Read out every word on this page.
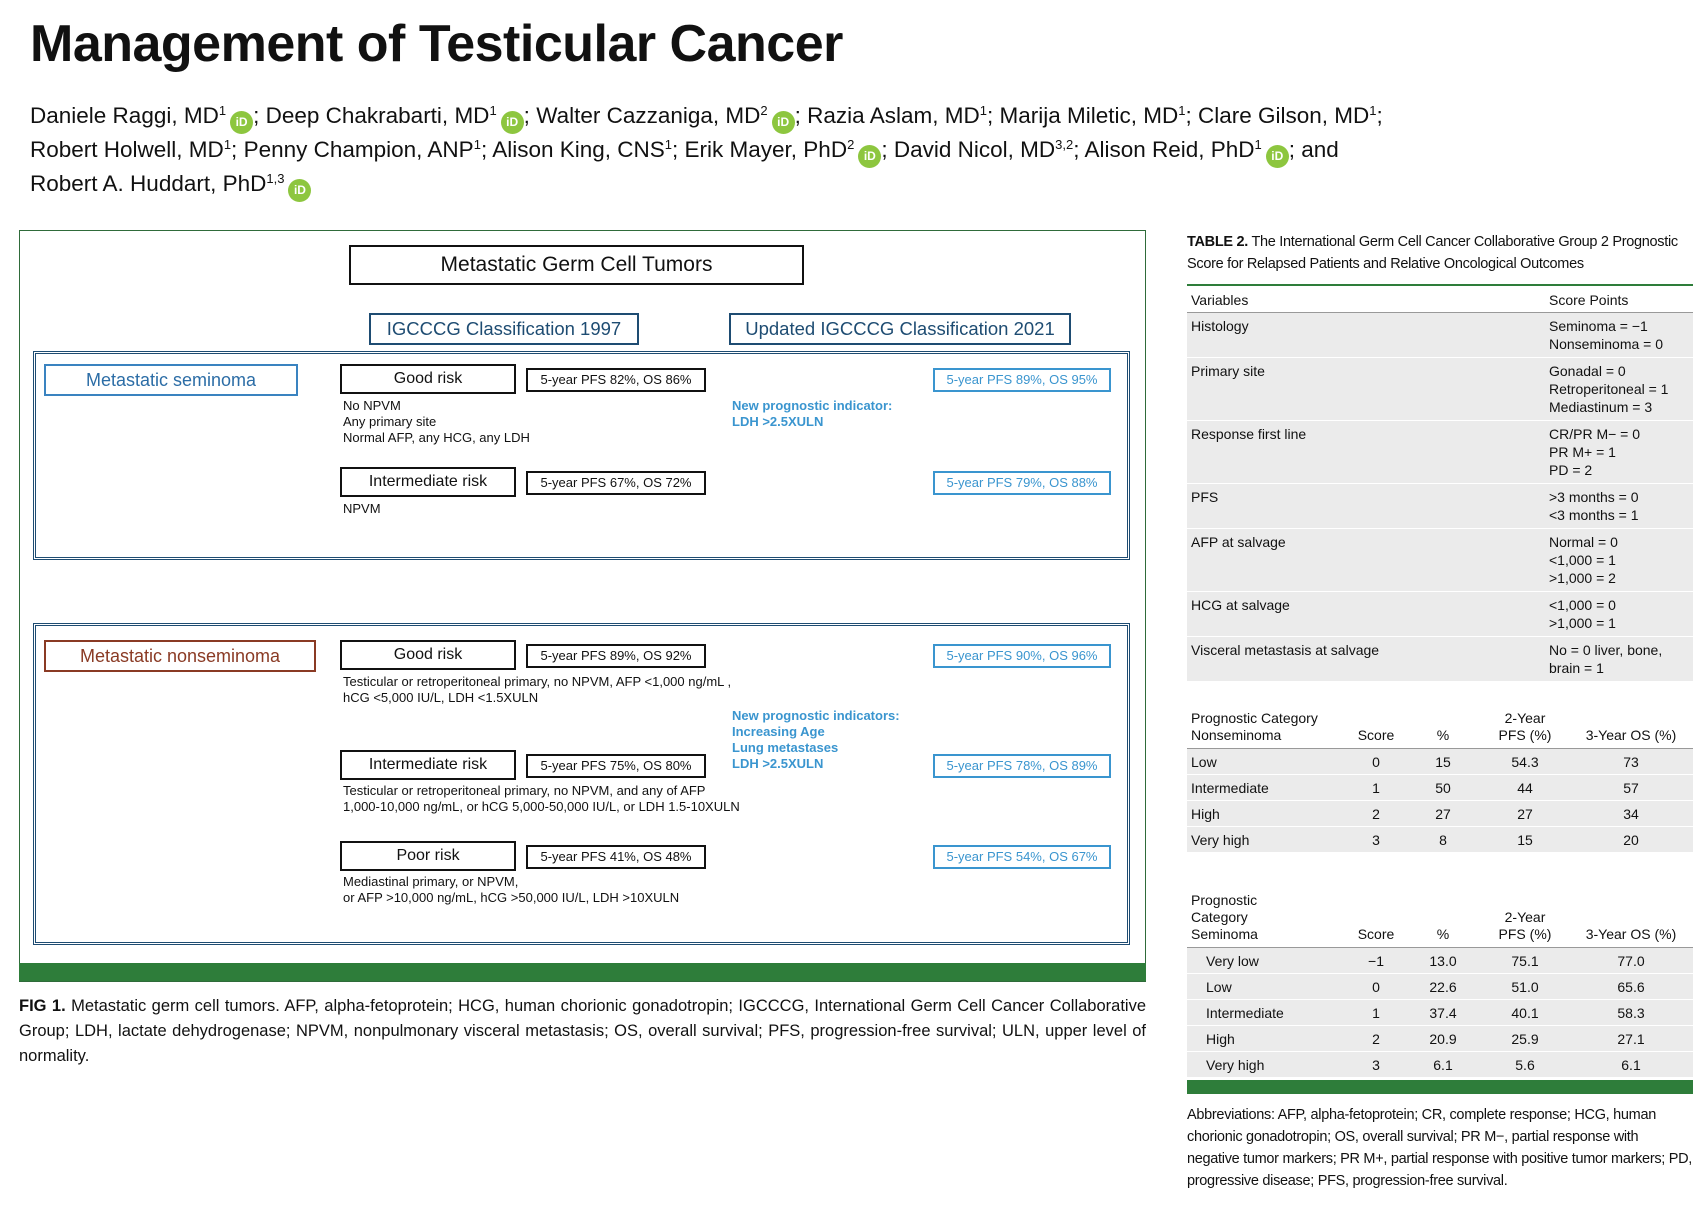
Management of Testicular Cancer
Daniele Raggi, $MD^1iD$ ; Deep Chakrabarti, $MD^1iD$ ; Walter Cazzaniga, $MD^2iD$ ; Razia Aslam, $MD^1$; Marija Miletic, $MD^1$; Clare Gilson, $MD^1$;
Robert Holwell, $MD^1$; Penny Champion, ANP$^1$; Alison King, CNS$^1$; Erik Mayer, PhD$^2$iD ; David Nicol, MD$^{3,2}$; Alison Reid, PhD$^1$iD ; and
Robert A. Huddart, PhD$^{1,3}$iD
Metastatic Germ Cell Tumors
IGCCCG Classification 1997	Updated IGCCCG Classification 2021
Metastatic seminoma	Good risk	5-year PFS 82%, OS 86%	5-year PFS 89%, OS 95%
No NPVM
Any primary site
Normal AFP, any HCG, any LDH
New prognostic indicator:
LDH >2.5XULN
Intermediate risk	5-year PFS 67%, OS 72%	5-year PFS 79%, OS 88%
NPVM
Metastatic nonseminoma	Good risk	5-year PFS 89%, OS 92%	5-year PFS 90%, OS 96%
Testicular or retroperitoneal primary, no NPVM, AFP <1,000 ng/mL ,
hCG <5,000 IU/L, LDH <1.5XULN
New prognostic indicators:
Increasing Age
Lung metastases
LDH >2.5XULN
Intermediate risk	5-year PFS 75%, OS 80%	5-year PFS 78%, OS 89%
Testicular or retroperitoneal primary, no NPVM, and any of AFP
1,000-10,000 ng/mL, or hCG 5,000-50,000 IU/L, or LDH 1.5-10XULN
Poor risk	5-year PFS 41%, OS 48%	5-year PFS 54%, OS 67%
Mediastinal primary, or NPVM,
or AFP >10,000 ng/mL, hCG >50,000 IU/L, LDH >10XULN

FIG 1. Metastatic germ cell tumors. AFP, alpha-fetoprotein; HCG, human chorionic gonadotropin; IGCCCG, International Germ Cell Cancer Collaborative Group; LDH, lactate dehydrogenase; NPVM, nonpulmonary visceral metastasis; OS, overall survival; PFS, progression-free survival; ULN, upper level of normality.

TABLE 2. The International Germ Cell Cancer Collaborative Group 2 Prognostic Score for Relapsed Patients and Relative Oncological Outcomes

Variables	Score Points
Histology	Seminoma = −1
Nonseminoma = 0
Primary site	Gonadal = 0
Retroperitoneal = 1
Mediastinum = 3
Response first line	CR/PR M− = 0
PR M+ = 1
PD = 2
PFS	>3 months = 0
<3 months = 1
AFP at salvage	Normal = 0
<1,000 = 1
>1,000 = 2
HCG at salvage	<1,000 = 0
>1,000 = 1
Visceral metastasis at salvage	No = 0 liver, bone,
brain = 1
Prognostic Category
Nonseminoma	Score	%
2-Year
PFS (%)	3-Year OS (%)
Low	0	15	54.3	73
Intermediate	1	50	44	57
High	2	27	27	34
Very high	3	8	15	20
Prognostic
Category
Seminoma	Score	%
2-Year
PFS (%)	3-Year OS (%)
Very low	−1	13.0	75.1	77.0
Low	0	22.6	51.0	65.6
Intermediate	1	37.4	40.1	58.3
High	2	20.9	25.9	27.1
Very high	3	6.1	5.6	6.1

Abbreviations: AFP, alpha-fetoprotein; CR, complete response; HCG, human chorionic gonadotropin; OS, overall survival; PR M−, partial response with negative tumor markers; PR M+, partial response with positive tumor markers; PD, progressive disease; PFS, progression-free survival.
